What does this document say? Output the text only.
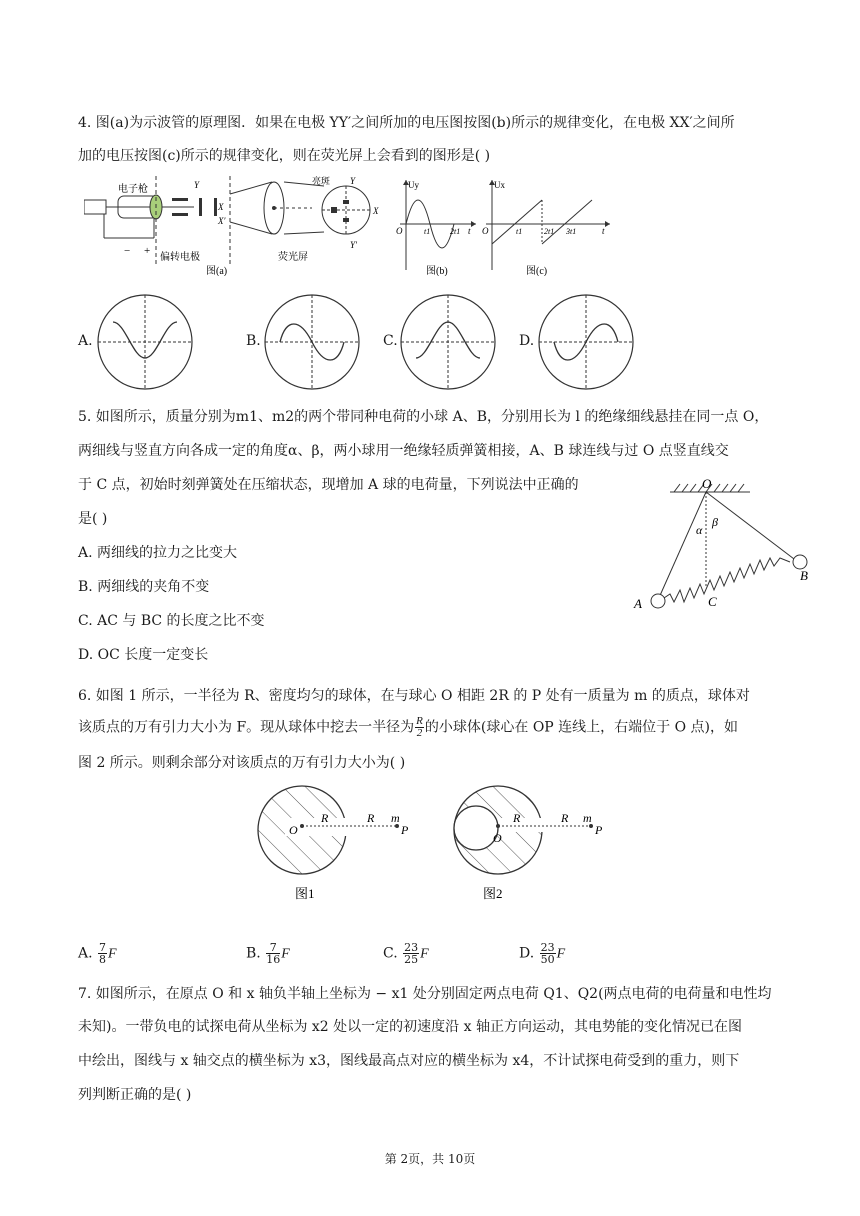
4. 图(a)为示波管的原理图．如果在电极 YY′之间所加的电压图按图(b)所示的规律变化，在电极 XX′之间所
加的电压按图(c)所示的规律变化，则在荧光屏上会看到的图形是( )
电子枪
− +
偏转电极
Y
X
X′
荧光屏
亮斑 Y
Y′
X
图(a)
Uy
O	t1 2t1 t
图(b)
Ux
O	t1	2t1 3t1	t
图(c)
A.	B.	C.	D.
5. 如图所示，质量分别为m1、m2的两个带同种电荷的小球 A、B，分别用长为 l 的绝缘细线悬挂在同一点 O，
两细线与竖直方向各成一定的角度α、β，两小球用一绝缘轻质弹簧相接，A、B 球连线与过 O 点竖直线交
于 C 点，初始时刻弹簧处在压缩状态，现增加 A 球的电荷量，下列说法中正确的
是( )
A. 两细线的拉力之比变大
B. 两细线的夹角不变
C. AC 与 BC 的长度之比不变
D. OC 长度一定变长
O
α
β
A
B
C
6. 如图 1 所示，一半径为 R、密度均匀的球体，在与球心 O 相距 2R 的 P 处有一质量为 m 的质点，球体对
该质点的万有引力大小为 F。现从球体中挖去一半径为 $\frac{R}{2}$ 的小球体(球心在 OP 连线上，右端位于 O 点)，如
图 2 所示。则剩余部分对该质点的万有引力大小为( )
O
R	R m
P
图1
O
R	R m
P
图2
A. $\frac{7}{8}$ F	B. $\frac{7}{16}$ F	C. $\frac{23}{25}$ F	D. $\frac{23}{50}$ F
7. 如图所示，在原点 O 和 x 轴负半轴上坐标为 − x1 处分别固定两点电荷 Q1、Q2(两点电荷的电荷量和电性均
未知)。一带负电的试探电荷从坐标为 x2 处以一定的初速度沿 x 轴正方向运动，其电势能的变化情况已在图
中绘出，图线与 x 轴交点的横坐标为 x3，图线最高点对应的横坐标为 x4，不计试探电荷受到的重力，则下
列判断正确的是( )
第 2页，共 10页
